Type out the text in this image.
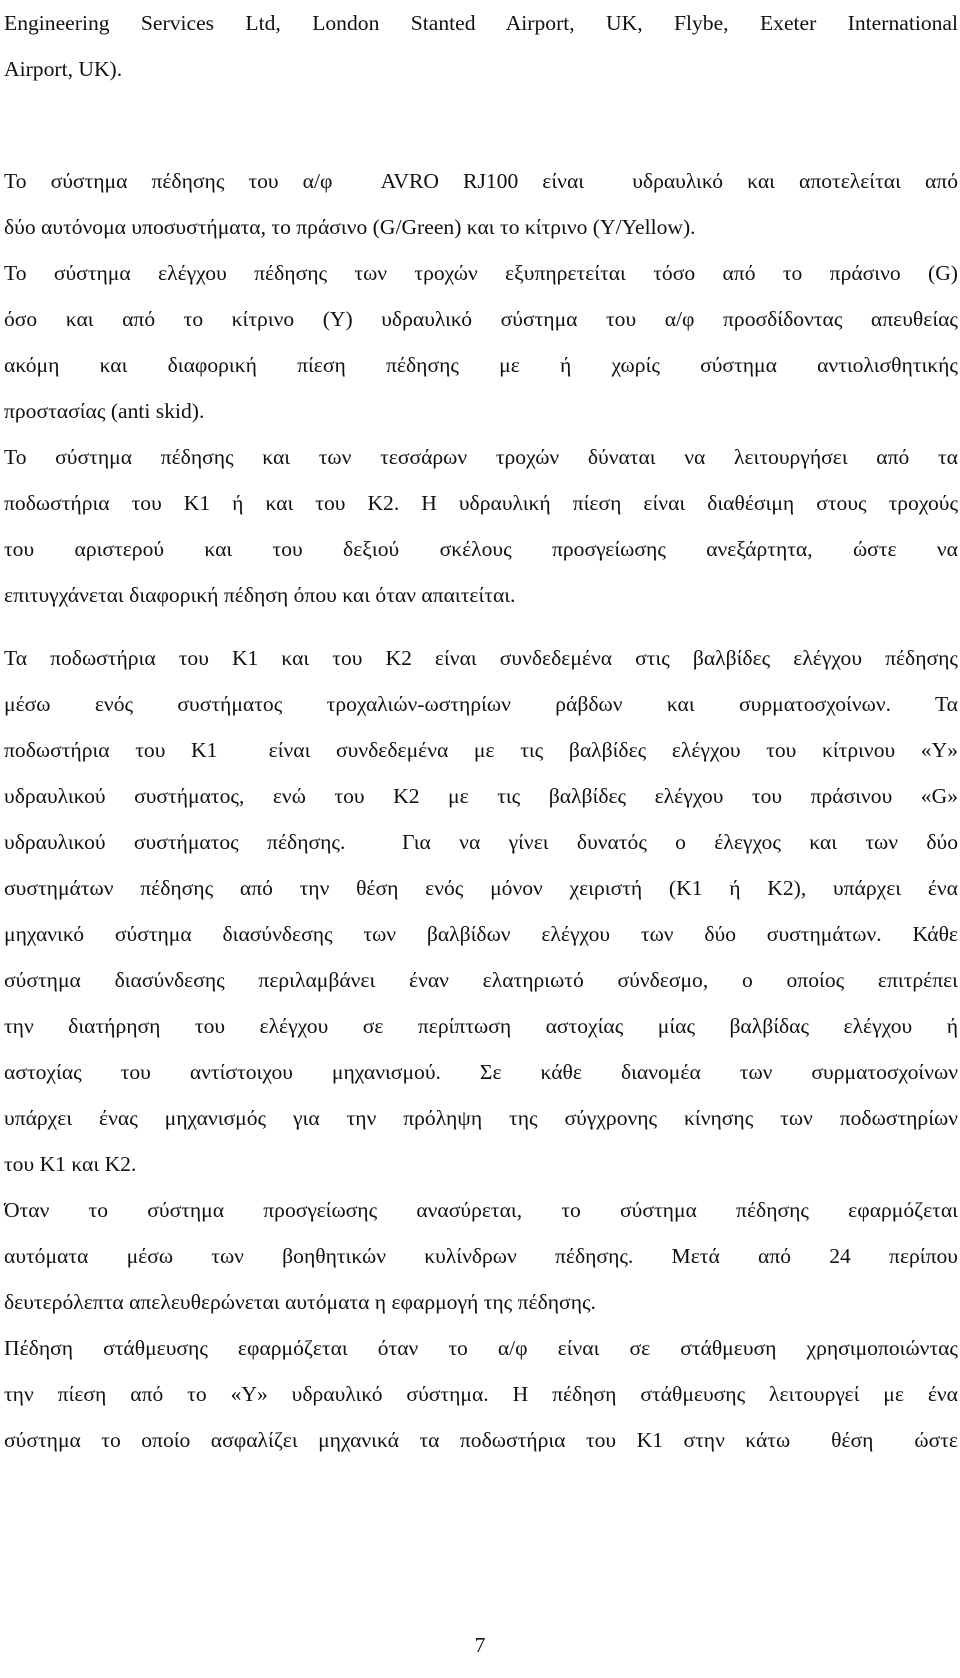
Engineering Services Ltd, London Stanted Airport, UK, Flybe, Exeter International
Airport, UK).

Το σύστημα πέδησης του α/φ  AVRO RJ100 είναι  υδραυλικό και αποτελείται από
δύο αυτόνομα υποσυστήματα, το πράσινο (G/Green) και το κίτρινο (Y/Yellow).
Το σύστημα ελέγχου πέδησης των τροχών εξυπηρετείται τόσο από το πράσινο (G)
όσο και από το κίτρινο (Y) υδραυλικό σύστημα του α/φ προσδίδοντας απευθείας
ακόμη και διαφορική πίεση πέδησης με ή χωρίς σύστημα αντιολισθητικής
προστασίας (anti skid).
Το σύστημα πέδησης και των τεσσάρων τροχών δύναται να λειτουργήσει από τα
ποδωστήρια του Κ1 ή και του Κ2. Η υδραυλική πίεση είναι διαθέσιμη στους τροχούς
του αριστερού και του δεξιού σκέλους προσγείωσης ανεξάρτητα, ώστε να
επιτυγχάνεται διαφορική πέδηση όπου και όταν απαιτείται.
Τα ποδωστήρια του Κ1 και του Κ2 είναι συνδεδεμένα στις βαλβίδες ελέγχου πέδησης
μέσω ενός συστήματος τροχαλιών-ωστηρίων ράβδων και συρματοσχοίνων. Τα
ποδωστήρια του Κ1  είναι συνδεδεμένα με τις βαλβίδες ελέγχου του κίτρινου «Y»
υδραυλικού συστήματος, ενώ του Κ2 με τις βαλβίδες ελέγχου του πράσινου «G»
υδραυλικού συστήματος πέδησης.  Για να γίνει δυνατός ο έλεγχος και των δύο
συστημάτων πέδησης από την θέση ενός μόνον χειριστή (Κ1 ή Κ2), υπάρχει ένα
μηχανικό σύστημα διασύνδεσης των βαλβίδων ελέγχου των δύο συστημάτων. Κάθε
σύστημα διασύνδεσης περιλαμβάνει έναν ελατηριωτό σύνδεσμο, ο οποίος επιτρέπει
την διατήρηση του ελέγχου σε περίπτωση αστοχίας μίας βαλβίδας ελέγχου ή
αστοχίας του αντίστοιχου μηχανισμού. Σε κάθε διανομέα των συρματοσχοίνων
υπάρχει ένας μηχανισμός για την πρόληψη της σύγχρονης κίνησης των ποδωστηρίων
του Κ1 και Κ2.
Όταν το σύστημα προσγείωσης ανασύρεται, το σύστημα πέδησης εφαρμόζεται
αυτόματα μέσω των βοηθητικών κυλίνδρων πέδησης. Μετά από 24 περίπου
δευτερόλεπτα απελευθερώνεται αυτόματα η εφαρμογή της πέδησης.
Πέδηση στάθμευσης εφαρμόζεται όταν το α/φ είναι σε στάθμευση χρησιμοποιώντας
την πίεση από το «Y» υδραυλικό σύστημα. Η πέδηση στάθμευσης λειτουργεί με ένα
σύστημα το οποίο ασφαλίζει μηχανικά τα ποδωστήρια του Κ1 στην κάτω  θέση  ώστε
7
